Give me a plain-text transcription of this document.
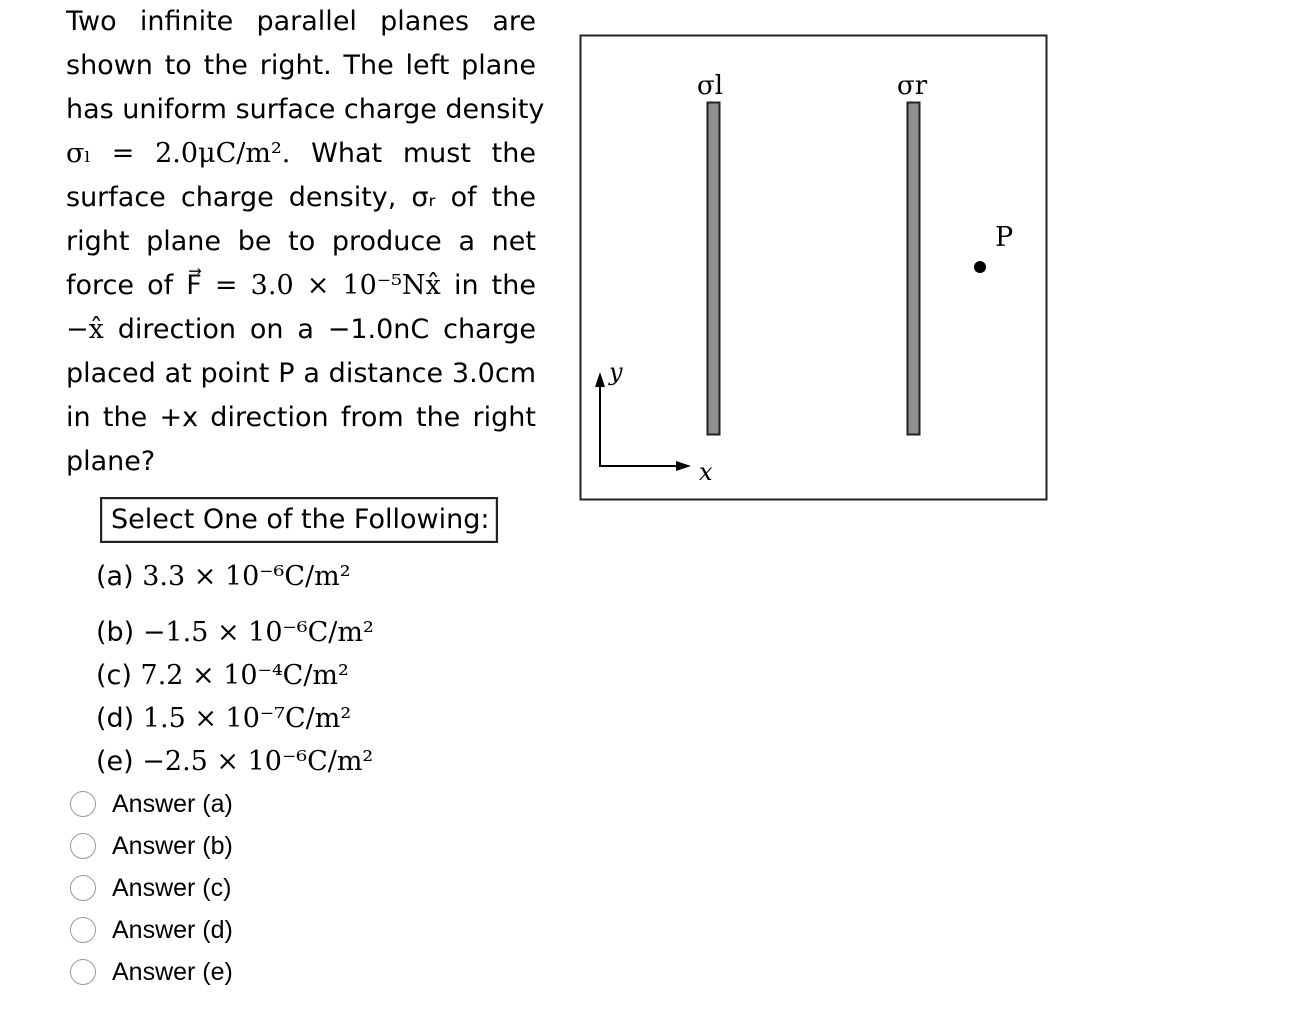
Two infinite parallel planes are
shown to the right. The left plane
has uniform surface charge density
σₗ = 2.0μC/m². What must the
surface charge density, σᵣ of the
right plane be to produce a net
force of F⃗ = 3.0 × 10⁻⁵Nx̂ in the
−x̂ direction on a −1.0nC charge
placed at point P a distance 3.0cm
in the +x direction from the right
plane?
Select One of the Following:
(a) 3.3 × 10⁻⁶C/m²
(b) −1.5 × 10⁻⁶C/m²
(c) 7.2 × 10⁻⁴C/m²
(d) 1.5 × 10⁻⁷C/m²
(e) −2.5 × 10⁻⁶C/m²
Answer (a)
Answer (b)
Answer (c)
Answer (d)
Answer (e)
σl	σr
P
x
y
